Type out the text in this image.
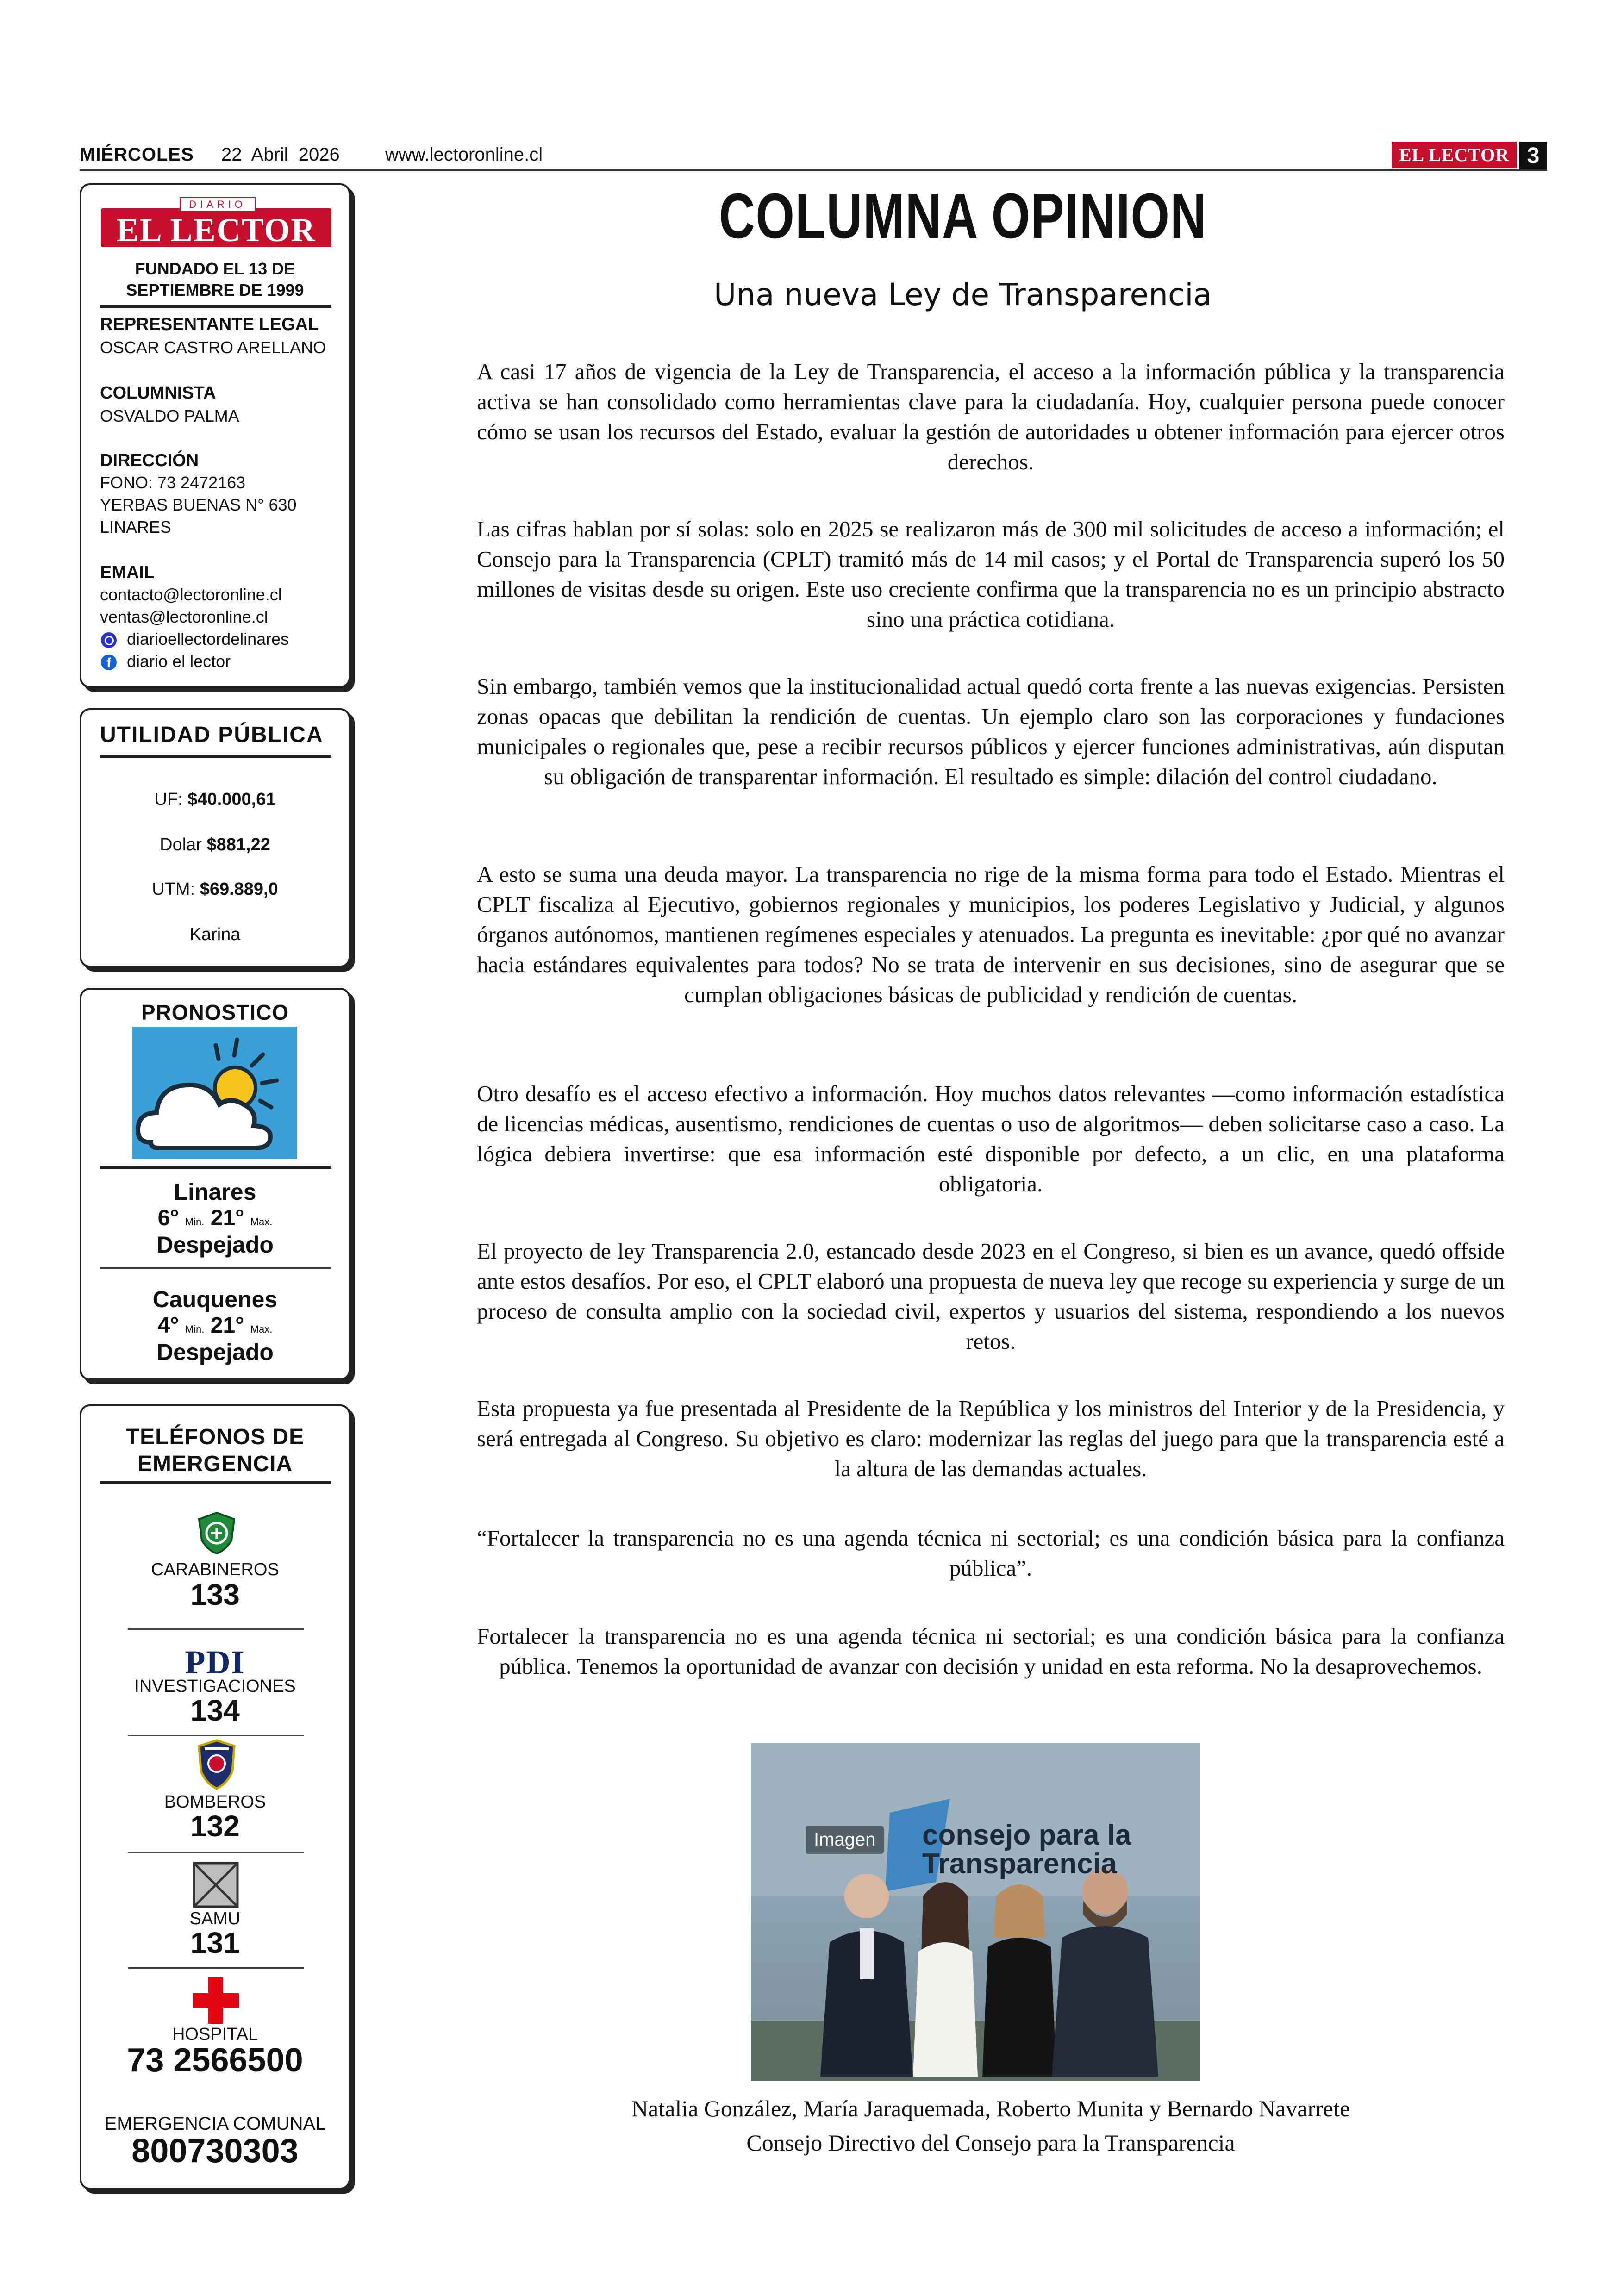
MIÉRCOLES 22  Abril  2026 www.lectoronline.cl	EL LECTOR 3
DIARIO
EL LECTOR
FUNDADO EL 13 DE
SEPTIEMBRE DE 1999
REPRESENTANTE LEGAL
OSCAR CASTRO ARELLANO
COLUMNISTA
OSVALDO PALMA
DIRECCIÓN
FONO: 73 2472163
YERBAS BUENAS N° 630
LINARES
EMAIL
contacto@lectoronline.cl
ventas@lectoronline.cl
diarioellectordelinares
f diario el lector
UTILIDAD PÚBLICA
UF: $40.000,61
Dolar $881,22
UTM: $69.889,0
Karina
PRONOSTICO
Linares
6° Min. 21° Max.
Despejado
Cauquenes
4° Min. 21° Max.
Despejado
TELÉFONOS DE
EMERGENCIA
CARABINEROS
133
PDI
INVESTIGACIONES
134
BOMBEROS
132
SAMU
131
HOSPITAL
73 2566500
EMERGENCIA COMUNAL
800730303
COLUMNA OPINION
Una nueva Ley de Transparencia
A casi 17 años de vigencia de la Ley de Transparencia, el acceso a la información pública y la transparencia activa se han consolidado como herramientas clave para la ciudadanía. Hoy, cualquier persona puede conocer cómo se usan los recursos del Estado, evaluar la gestión de autoridades u obtener información para ejercer otros derechos.
Las cifras hablan por sí solas: solo en 2025 se realizaron más de 300 mil solicitudes de acceso a información; el Consejo para la Transparencia (CPLT) tramitó más de 14 mil casos; y el Portal de Transparencia superó los 50 millones de visitas desde su origen. Este uso creciente confirma que la transparencia no es un principio abstracto sino una práctica cotidiana.
Sin embargo, también vemos que la institucionalidad actual quedó corta frente a las nuevas exigencias. Persisten zonas opacas que debilitan la rendición de cuentas. Un ejemplo claro son las corporaciones y fundaciones municipales o regionales que, pese a recibir recursos públicos y ejercer funciones administrativas, aún disputan su obligación de transparentar información. El resultado es simple: dilación del control ciudadano.
A esto se suma una deuda mayor. La transparencia no rige de la misma forma para todo el Estado. Mientras el CPLT fiscaliza al Ejecutivo, gobiernos regionales y municipios, los poderes Legislativo y Judicial, y algunos órganos autónomos, mantienen regímenes especiales y atenuados. La pregunta es inevitable: ¿por qué no avanzar hacia estándares equivalentes para todos? No se trata de intervenir en sus decisiones, sino de asegurar que se cumplan obligaciones básicas de publicidad y rendición de cuentas.
Otro desafío es el acceso efectivo a información. Hoy muchos datos relevantes —como información estadística de licencias médicas, ausentismo, rendiciones de cuentas o uso de algoritmos— deben solicitarse caso a caso. La lógica debiera invertirse: que esa información esté disponible por defecto, a un clic, en una plataforma obligatoria.
El proyecto de ley Transparencia 2.0, estancado desde 2023 en el Congreso, si bien es un avance, quedó offside ante estos desafíos. Por eso, el CPLT elaboró una propuesta de nueva ley que recoge su experiencia y surge de un proceso de consulta amplio con la sociedad civil, expertos y usuarios del sistema, respondiendo a los nuevos retos.
Esta propuesta ya fue presentada al Presidente de la República y los ministros del Interior y de la Presidencia, y será entregada al Congreso. Su objetivo es claro: modernizar las reglas del juego para que la transparencia esté a la altura de las demandas actuales.
“Fortalecer la transparencia no es una agenda técnica ni sectorial; es una condición básica para la confianza pública”.
Fortalecer la transparencia no es una agenda técnica ni sectorial; es una condición básica para la confianza pública. Tenemos la oportunidad de avanzar con decisión y unidad en esta reforma. No la desaprovechemos.
Imagen consejo para la
Transparencia
Natalia González, María Jaraquemada, Roberto Munita y Bernardo Navarrete
Consejo Directivo del Consejo para la Transparencia
